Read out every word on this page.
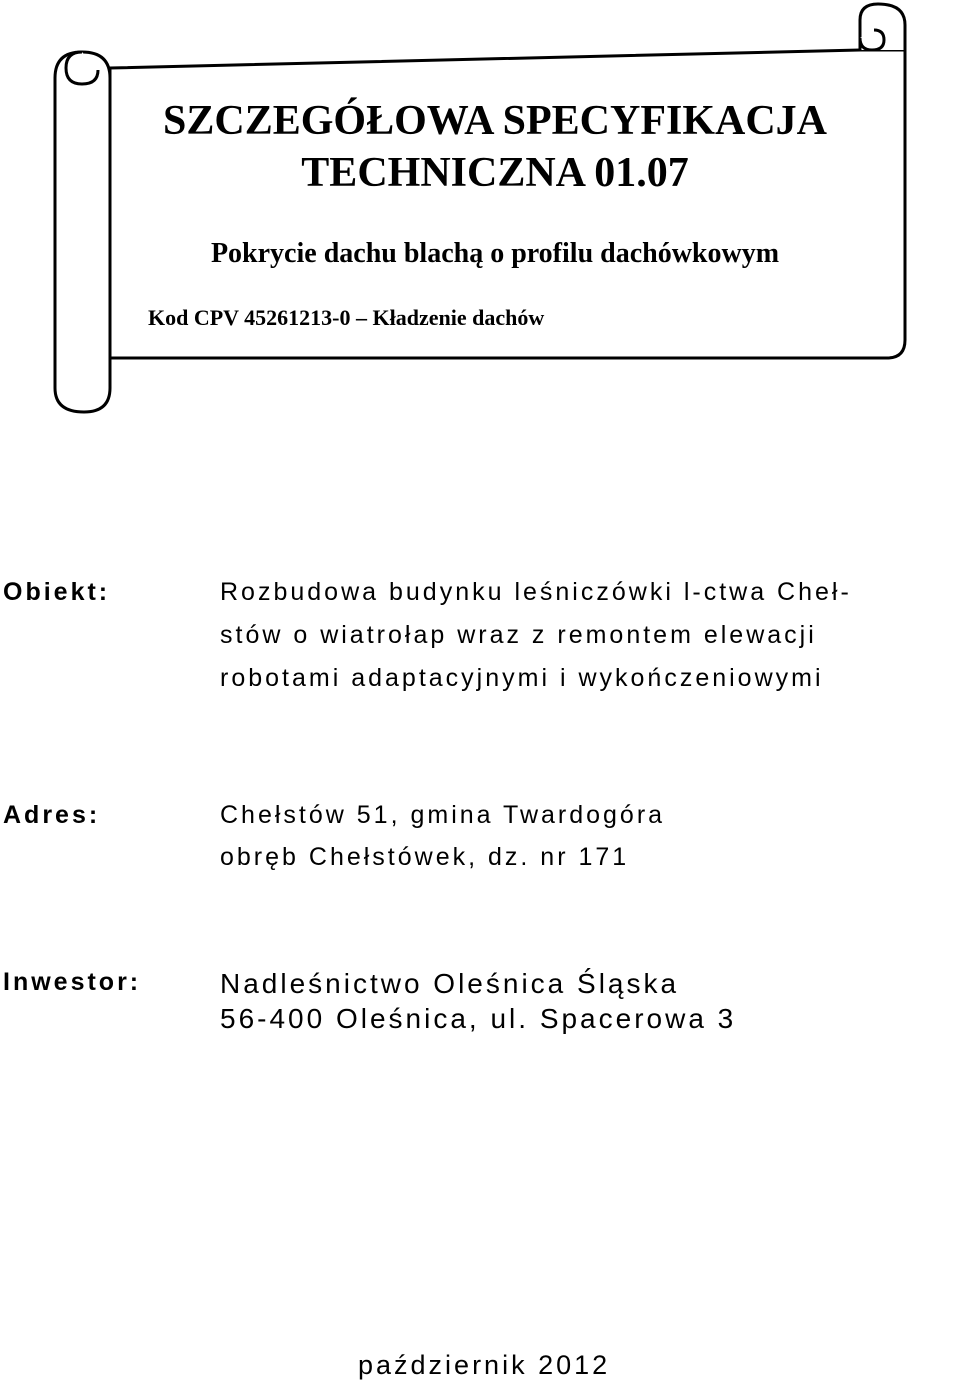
SZCZEGÓŁOWA SPECYFIKACJA

TECHNICZNA 01.07

Pokrycie dachu blachą o profilu dachówkowym

Kod CPV 45261213-0 – Kładzenie dachów

Obiekt:	Rozbudowa budynku leśniczówki l-ctwa Cheł-
stów o wiatrołap wraz z remontem elewacji
robotami adaptacyjnymi i wykończeniowymi

Adres:	Chełstów 51, gmina Twardogóra
obręb Chełstówek, dz. nr 171

Inwestor:	Nadleśnictwo Oleśnica Śląska
56-400 Oleśnica, ul. Spacerowa 3

październik 2012
